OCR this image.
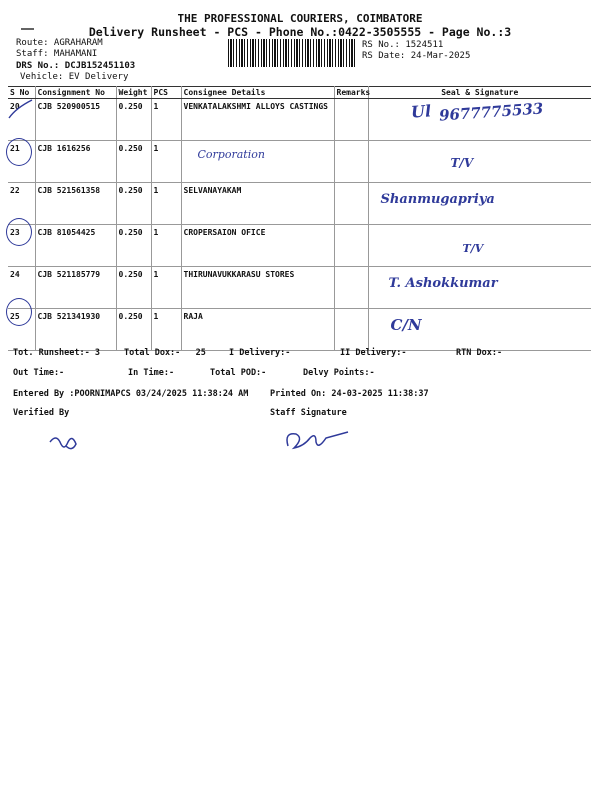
THE PROFESSIONAL COURIERS, COIMBATORE
Delivery Runsheet - PCS - Phone No.:0422-3505555 - Page No.:3
Route: AGRAHARAM
Staff: MAHAMANI
DRS No.: DCJB152451103
Vehicle: EV Delivery
RS No.: 1524511
RS Date: 24-Mar-2025
S No	Consignment No	Weight	PCS	Consignee Details	Remarks	Seal & Signature
20	CJB 520900515	0.250	1	VENKATALAKSHMI ALLOYS CASTINGS		Ul 9677775533
21	CJB 1616256	0.250	1	Corporation		T/V
22	CJB 521561358	0.250	1	SELVANAYAKAM		Shanmugapriya
23	CJB 81054425	0.250	1	CROPERSAION OFICE		T/V
24	CJB 521185779	0.250	1	THIRUNAVUKKARASU STORES		T. Ashokkumar
25	CJB 521341930	0.250	1	RAJA		C/N
Tot. Runsheet:- 3	Total Dox:-   25	I Delivery:-	II Delivery:-	RTN Dox:-
Out Time:-	In Time:-	Total POD:-	Delvy Points:-
Entered By :POORNIMAPCS 03/24/2025 11:38:24 AM	Printed On: 24-03-2025 11:38:37
Verified By	Staff Signature
